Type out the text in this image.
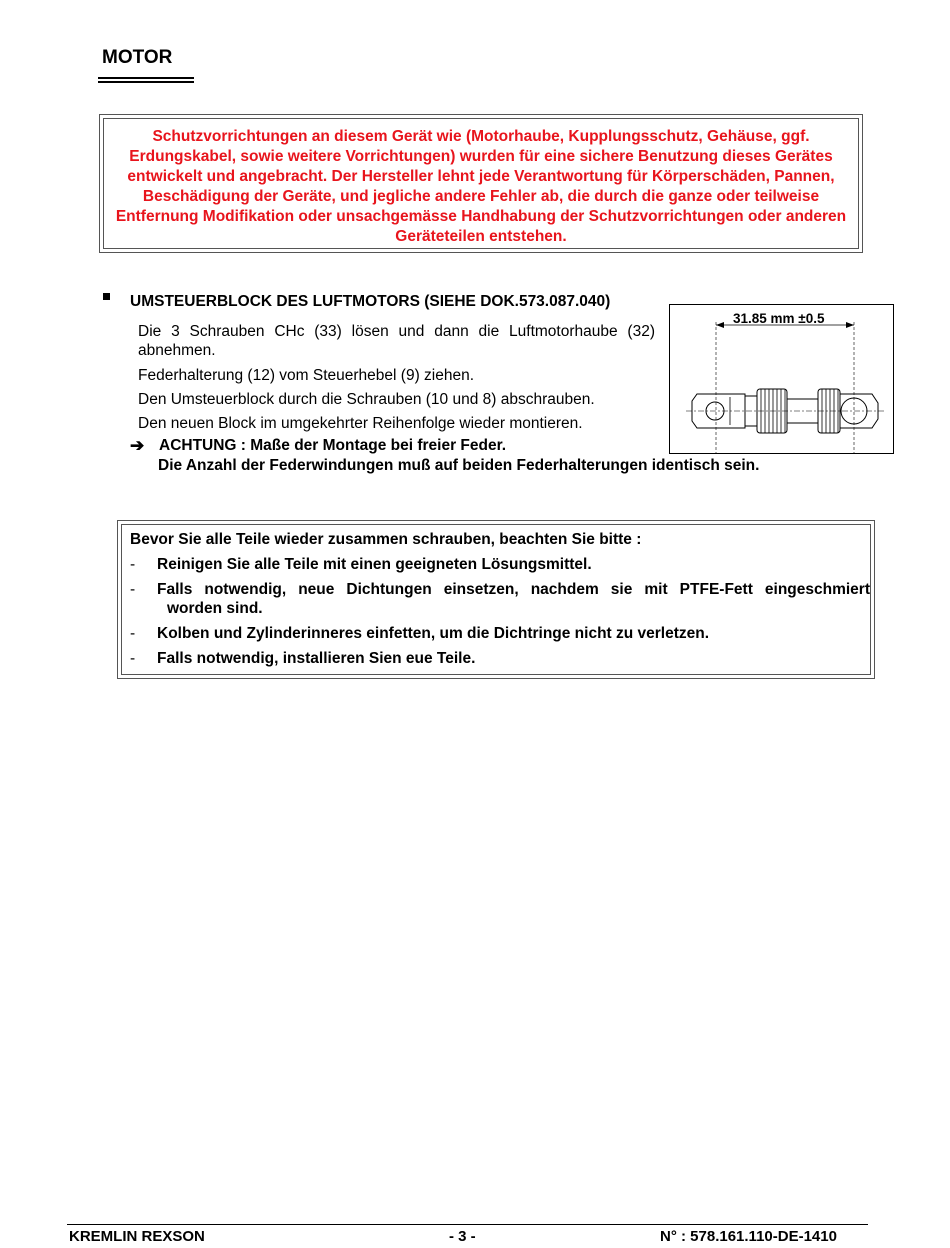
MOTOR
Schutzvorrichtungen an diesem Gerät wie (Motorhaube, Kupplungsschutz, Gehäuse, ggf. Erdungskabel, sowie weitere Vorrichtungen) wurden für eine sichere Benutzung dieses Gerätes entwickelt und angebracht. Der Hersteller lehnt jede Verantwortung für Körperschäden, Pannen, Beschädigung der Geräte, und jegliche andere Fehler ab, die durch die ganze oder teilweise Entfernung Modifikation oder unsachgemässe Handhabung der Schutzvorrichtungen oder anderen Geräteteilen entstehen.
UMSTEUERBLOCK DES LUFTMOTORS (SIEHE DOK.573.087.040)
Die 3 Schrauben CHc (33) lösen und dann die Luftmotorhaube (32) abnehmen.
Federhalterung (12) vom Steuerhebel (9) ziehen.
Den Umsteuerblock durch die Schrauben (10 und 8) abschrauben.
Den neuen Block im umgekehrter Reihenfolge wieder montieren.
➔ ACHTUNG : Maße der Montage bei freier Feder.
Die Anzahl der Federwindungen muß auf beiden Federhalterungen identisch sein.
31.85 mm ±0.5
Bevor Sie alle Teile wieder zusammen schrauben, beachten Sie bitte :
- Reinigen Sie alle Teile mit einen geeigneten Lösungsmittel.
- Falls notwendig, neue Dichtungen einsetzen, nachdem sie mit PTFE-Fett eingeschmiert
worden sind.
- Kolben und Zylinderinneres einfetten, um die Dichtringe nicht zu verletzen.
- Falls notwendig, installieren Sien eue Teile.
KREMLIN REXSON	- 3 -	N° : 578.161.110-DE-1410
